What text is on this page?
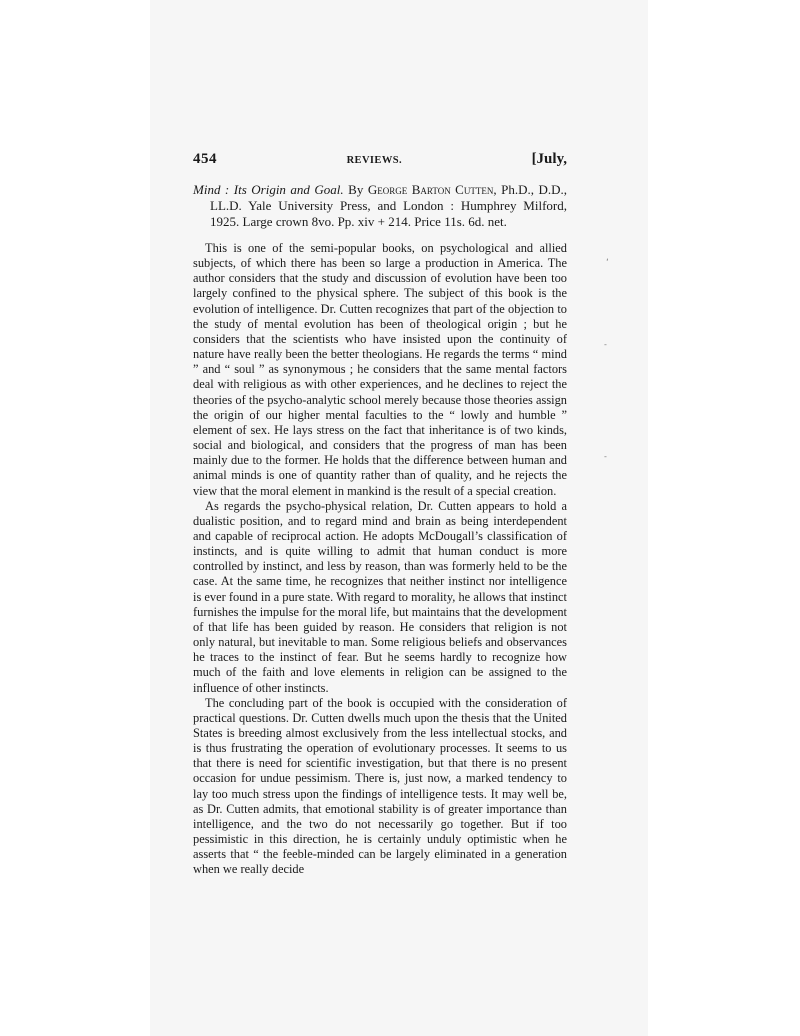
‘
-
-
454	REVIEWS.	[July,
Mind : Its Origin and Goal. By George Barton Cutten, Ph.D., D.D., LL.D. Yale University Press, and London : Humphrey Milford, 1925. Large crown 8vo. Pp. xiv + 214. Price 11s. 6d. net.

This is one of the semi-popular books, on psychological and allied subjects, of which there has been so large a production in America. The author considers that the study and discussion of evolution have been too largely confined to the physical sphere. The subject of this book is the evolution of intelligence. Dr. Cutten recognizes that part of the objection to the study of mental evolution has been of theological origin ; but he considers that the scientists who have insisted upon the continuity of nature have really been the better theologians. He regards the terms “ mind ” and “ soul ” as synonymous ; he considers that the same mental factors deal with religious as with other experiences, and he declines to reject the theories of the psycho-analytic school merely because those theories assign the origin of our higher mental faculties to the “ lowly and humble ” element of sex. He lays stress on the fact that inheritance is of two kinds, social and biological, and considers that the progress of man has been mainly due to the former. He holds that the difference between human and animal minds is one of quantity rather than of quality, and he rejects the view that the moral element in mankind is the result of a special creation.

As regards the psycho-physical relation, Dr. Cutten appears to hold a dualistic position, and to regard mind and brain as being interdependent and capable of reciprocal action. He adopts McDougall’s classification of instincts, and is quite willing to admit that human conduct is more controlled by instinct, and less by reason, than was formerly held to be the case. At the same time, he recognizes that neither instinct nor intelligence is ever found in a pure state. With regard to morality, he allows that instinct furnishes the impulse for the moral life, but maintains that the development of that life has been guided by reason. He considers that religion is not only natural, but inevitable to man. Some religious beliefs and observances he traces to the instinct of fear. But he seems hardly to recognize how much of the faith and love elements in religion can be assigned to the influence of other instincts.

The concluding part of the book is occupied with the consideration of practical questions. Dr. Cutten dwells much upon the thesis that the United States is breeding almost exclusively from the less intellectual stocks, and is thus frustrating the operation of evolutionary processes. It seems to us that there is need for scientific investigation, but that there is no present occasion for undue pessimism. There is, just now, a marked tendency to lay too much stress upon the findings of intelligence tests. It may well be, as Dr. Cutten admits, that emotional stability is of greater importance than intelligence, and the two do not necessarily go together. But if too pessimistic in this direction, he is certainly unduly optimistic when he asserts that “ the feeble-minded can be largely eliminated in a generation when we really decide
